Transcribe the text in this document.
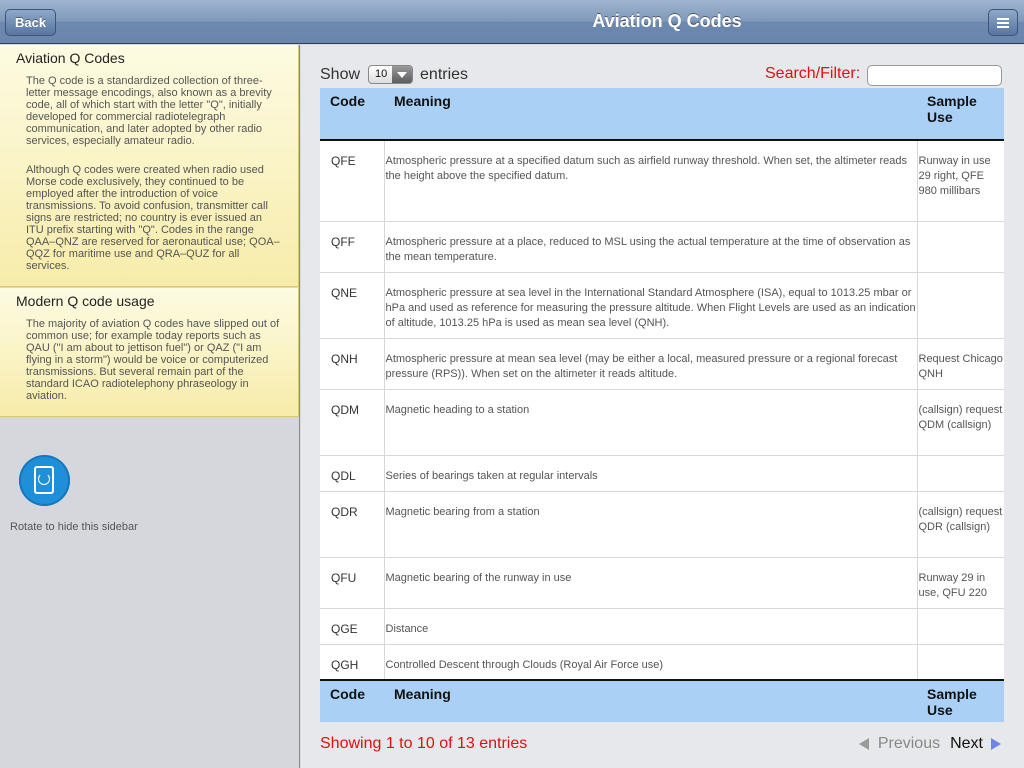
Back	Aviation Q Codes
Aviation Q Codes

The Q code is a standardized collection of three-letter message encodings, also known as a brevity code, all of which start with the letter "Q", initially developed for commercial radiotelegraph communication, and later adopted by other radio services, especially amateur radio.

Although Q codes were created when radio used Morse code exclusively, they continued to be employed after the introduction of voice transmissions. To avoid confusion, transmitter call signs are restricted; no country is ever issued an ITU prefix starting with "Q". Codes in the range QAA–QNZ are reserved for aeronautical use; QOA–QQZ for maritime use and QRA–QUZ for all services.

Modern Q code usage

The majority of aviation Q codes have slipped out of common use; for example today reports such as QAU ("I am about to jettison fuel") or QAZ ("I am flying in a storm") would be voice or computerized transmissions. But several remain part of the standard ICAO radiotelephony phraseology in aviation.

Rotate to hide this sidebar
Show	10	entries	Search/Filter:
Code	Meaning	Sample Use
QFE	Atmospheric pressure at a specified datum such as airfield runway threshold. When set, the altimeter reads the height above the specified datum.	Runway in use 29 right, QFE 980 millibars
QFF	Atmospheric pressure at a place, reduced to MSL using the actual temperature at the time of observation as the mean temperature.	
QNE	Atmospheric pressure at sea level in the International Standard Atmosphere (ISA), equal to 1013.25 mbar or hPa and used as reference for measuring the pressure altitude. When Flight Levels are used as an indication of altitude, 1013.25 hPa is used as mean sea level (QNH).	
QNH	Atmospheric pressure at mean sea level (may be either a local, measured pressure or a regional forecast pressure (RPS)). When set on the altimeter it reads altitude.	Request Chicago QNH
QDM	Magnetic heading to a station	(callsign) request QDM (callsign)
QDL	Series of bearings taken at regular intervals	
QDR	Magnetic bearing from a station	(callsign) request QDR (callsign)
QFU	Magnetic bearing of the runway in use	Runway 29 in use, QFU 220
QGE	Distance	
QGH	Controlled Descent through Clouds (Royal Air Force use)	
Code	Meaning	Sample Use
Showing 1 to 10 of 13 entries	Previous Next
